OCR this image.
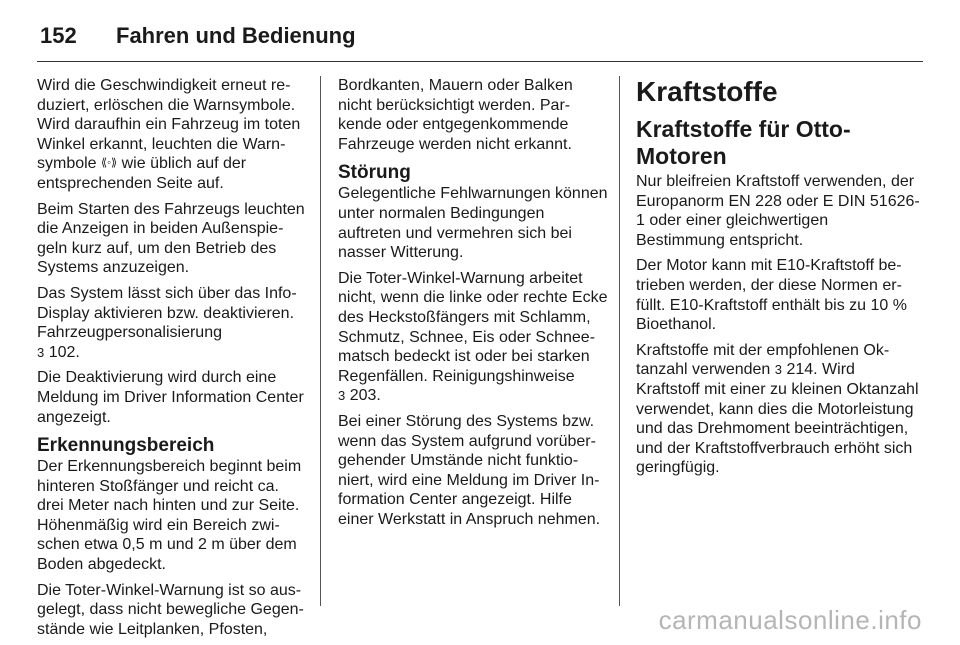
152	Fahren und Bedienung

Wird die Geschwindigkeit erneut reduziert, erlöschen die Warnsymbole. Wird daraufhin ein Fahrzeug im toten Winkel erkannt, leuchten die Warnsymbole ⟪◦⟫ wie üblich auf der entsprechenden Seite auf.

Beim Starten des Fahrzeugs leuchten die Anzeigen in beiden Außenspiegeln kurz auf, um den Betrieb des Systems anzuzeigen.

Das System lässt sich über das Info-Display aktivieren bzw. deaktivieren. Fahrzeugpersonalisierung
3 102.

Die Deaktivierung wird durch eine Meldung im Driver Information Center angezeigt.

Erkennungsbereich

Der Erkennungsbereich beginnt beim hinteren Stoßfänger und reicht ca. drei Meter nach hinten und zur Seite. Höhenmäßig wird ein Bereich zwischen etwa 0,5 m und 2 m über dem Boden abgedeckt.

Die Toter-Winkel-Warnung ist so ausgelegt, dass nicht bewegliche Gegenstände wie Leitplanken, Pfosten,

Bordkanten, Mauern oder Balken nicht berücksichtigt werden. Parkende oder entgegenkommende Fahrzeuge werden nicht erkannt.

Störung

Gelegentliche Fehlwarnungen können unter normalen Bedingungen auftreten und vermehren sich bei nasser Witterung.

Die Toter-Winkel-Warnung arbeitet nicht, wenn die linke oder rechte Ecke des Heckstoßfängers mit Schlamm, Schmutz, Schnee, Eis oder Schneematsch bedeckt ist oder bei starken Regenfällen. Reinigungshinweise
3 203.

Bei einer Störung des Systems bzw. wenn das System aufgrund vorübergehender Umstände nicht funktioniert, wird eine Meldung im Driver Information Center angezeigt. Hilfe einer Werkstatt in Anspruch nehmen.

Kraftstoffe
Kraftstoffe für Otto-Motoren

Nur bleifreien Kraftstoff verwenden, der Europanorm EN 228 oder E DIN 51626-1 oder einer gleichwertigen Bestimmung entspricht.

Der Motor kann mit E10-Kraftstoff betrieben werden, der diese Normen erfüllt. E10-Kraftstoff enthält bis zu 10 % Bioethanol.

Kraftstoffe mit der empfohlenen Oktanzahl verwenden 3 214. Wird Kraftstoff mit einer zu kleinen Oktanzahl verwendet, kann dies die Motorleistung und das Drehmoment beeinträchtigen, und der Kraftstoffverbrauch erhöht sich geringfügig.

carmanualsonline.info
